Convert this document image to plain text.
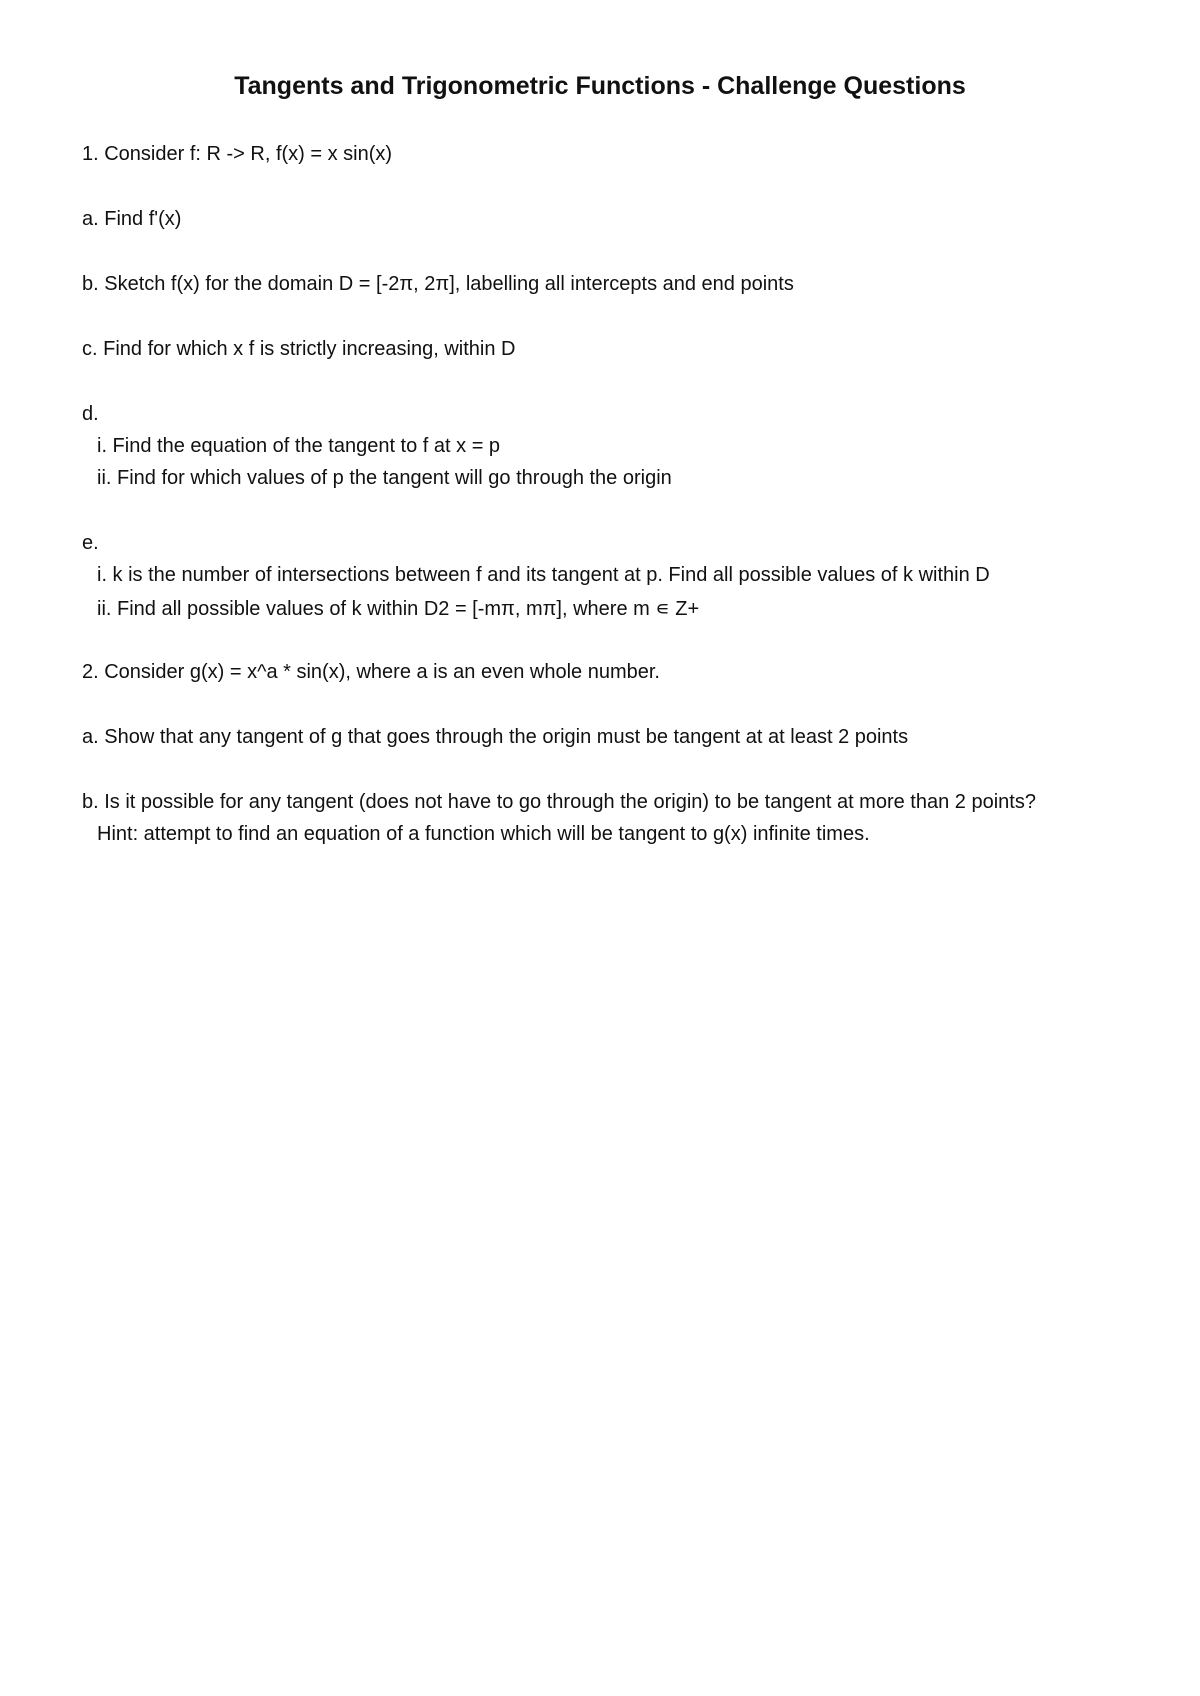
Tangents and Trigonometric Functions - Challenge Questions

1. Consider f: R -> R, f(x) = x sin(x)

a. Find f'(x)

b. Sketch f(x) for the domain D = [-2π, 2π], labelling all intercepts and end points

c. Find for which x f is strictly increasing, within D

d.

i. Find the equation of the tangent to f at x = p

ii. Find for which values of p the tangent will go through the origin

e.

i. k is the number of intersections between f and its tangent at p. Find all possible values of k within D

ii. Find all possible values of k within D2 = [-mπ, mπ], where m ∊ Z+

2. Consider g(x) = x^a * sin(x), where a is an even whole number.

a. Show that any tangent of g that goes through the origin must be tangent at at least 2 points

b. Is it possible for any tangent (does not have to go through the origin) to be tangent at more than 2 points?

Hint: attempt to find an equation of a function which will be tangent to g(x) infinite times.
